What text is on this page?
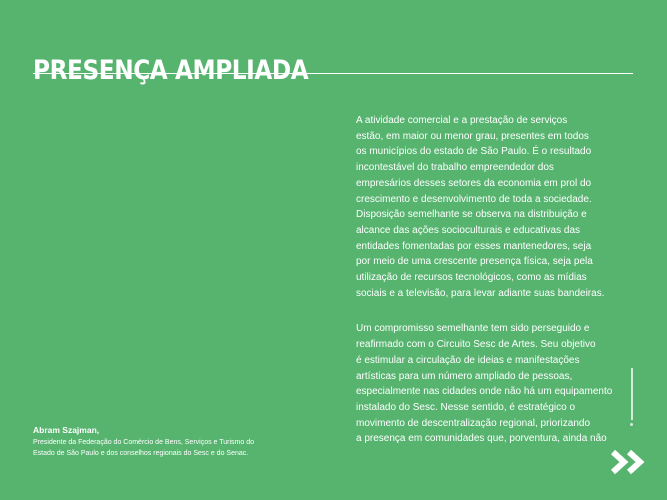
PRESENÇA AMPLIADA

A atividade comercial e a prestação de serviços
estão, em maior ou menor grau, presentes em todos
os municípios do estado de São Paulo. É o resultado
incontestável do trabalho empreendedor dos
empresários desses setores da economia em prol do
crescimento e desenvolvimento de toda a sociedade.
Disposição semelhante se observa na distribuição e
alcance das ações socioculturais e educativas das
entidades fomentadas por esses mantenedores, seja
por meio de uma crescente presença física, seja pela
utilização de recursos tecnológicos, como as mídias
sociais e a televisão, para levar adiante suas bandeiras.

Um compromisso semelhante tem sido perseguido e
reafirmado com o Circuito Sesc de Artes. Seu objetivo
é estimular a circulação de ideias e manifestações
artísticas para um número ampliado de pessoas,
especialmente nas cidades onde não há um equipamento
instalado do Sesc. Nesse sentido, é estratégico o
movimento de descentralização regional, priorizando
a presença em comunidades que, porventura, ainda não

Abram Szajman,
Presidente da Federação do Comércio de Bens, Serviços e Turismo do
Estado de São Paulo e dos conselhos regionais do Sesc e do Senac.
